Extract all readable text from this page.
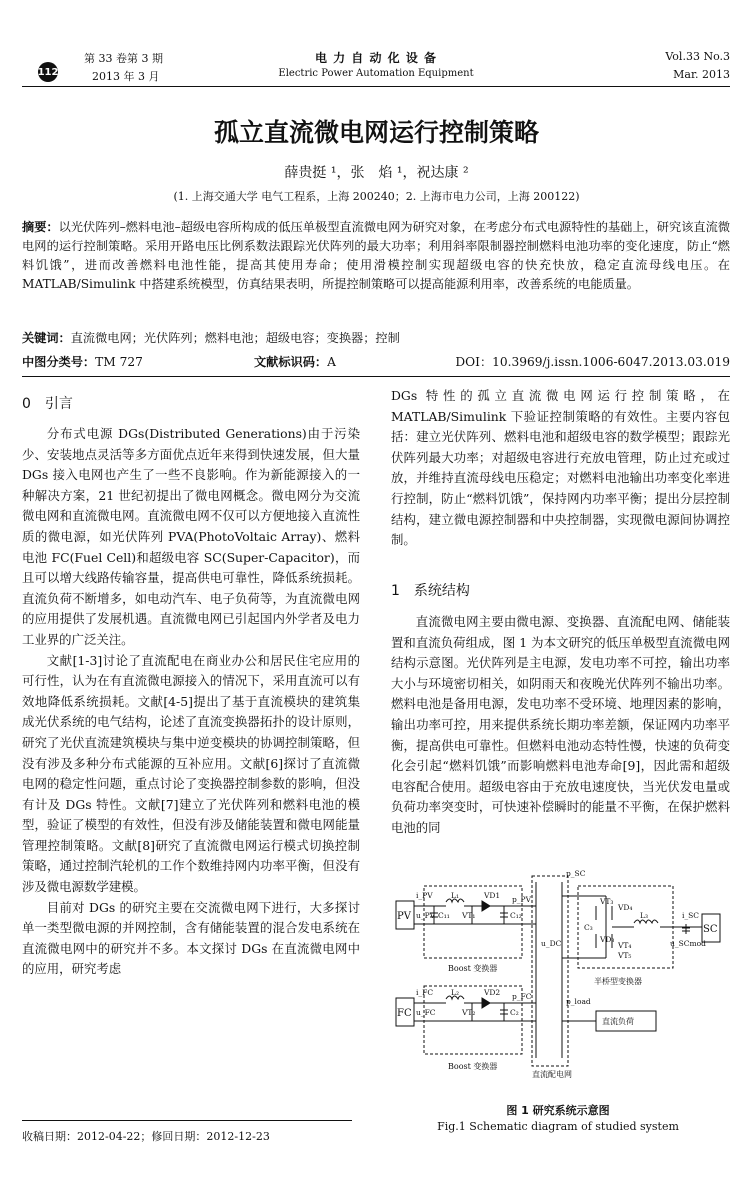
112
第 33 卷第 3 期
2013 年 3 月
电 力 自 动 化 设 备
Electric Power Automation Equipment
Vol.33 No.3
Mar. 2013
孤立直流微电网运行控制策略
薛贵挺 ¹，张　焰 ¹，祝达康 ²
(1. 上海交通大学 电气工程系，上海 200240；2. 上海市电力公司，上海 200122)
摘要：以光伏阵列–燃料电池–超级电容所构成的低压单极型直流微电网为研究对象，在考虑分布式电源特性的基础上，研究该直流微电网的运行控制策略。采用开路电压比例系数法跟踪光伏阵列的最大功率；利用斜率限制器控制燃料电池功率的变化速度，防止“燃料饥饿”，进而改善燃料电池性能，提高其使用寿命；使用滑模控制实现超级电容的快充快放，稳定直流母线电压。在 MATLAB/Simulink 中搭建系统模型，仿真结果表明，所提控制策略可以提高能源利用率，改善系统的电能质量。
关键词：直流微电网；光伏阵列；燃料电池；超级电容；变换器；控制
中图分类号：TM 727	文献标识码：A	DOI：10.3969/j.issn.1006-6047.2013.03.019
0　引言

分布式电源 DGs(Distributed Generations)由于污染少、安装地点灵活等多方面优点近年来得到快速发展，但大量 DGs 接入电网也产生了一些不良影响。作为新能源接入的一种解决方案，21 世纪初提出了微电网概念。微电网分为交流微电网和直流微电网。直流微电网不仅可以方便地接入直流性质的微电源，如光伏阵列 PVA(PhotoVoltaic Array)、燃料电池 FC(Fuel Cell)和超级电容 SC(Super-Capacitor)，而且可以增大线路传输容量，提高供电可靠性，降低系统损耗。直流负荷不断增多，如电动汽车、电子负荷等，为直流微电网的应用提供了发展机遇。直流微电网已引起国内外学者及电力工业界的广泛关注。

文献[1-3]讨论了直流配电在商业办公和居民住宅应用的可行性，认为在有直流微电源接入的情况下，采用直流可以有效地降低系统损耗。文献[4-5]提出了基于直流模块的建筑集成光伏系统的电气结构，论述了直流变换器拓扑的设计原则，研究了光伏直流建筑模块与集中逆变模块的协调控制策略，但没有涉及多种分布式能源的互补应用。文献[6]探讨了直流微电网的稳定性问题，重点讨论了变换器控制参数的影响，但没有计及 DGs 特性。文献[7]建立了光伏阵列和燃料电池的模型，验证了模型的有效性，但没有涉及储能装置和微电网能量管理控制策略。文献[8]研究了直流微电网运行模式切换控制策略，通过控制汽轮机的工作个数维持网内功率平衡，但没有涉及微电源数学建模。

目前对 DGs 的研究主要在交流微电网下进行，大多探讨单一类型微电源的并网控制，含有储能装置的混合发电系统在直流微电网中的研究并不多。本文探讨 DGs 在直流微电网中的应用，研究考虑

DGs 特性的孤立直流微电网运行控制策略，在 MATLAB/Simulink 下验证控制策略的有效性。主要内容包括：建立光伏阵列、燃料电池和超级电容的数学模型；跟踪光伏阵列最大功率；对超级电容进行充放电管理，防止过充或过放，并维持直流母线电压稳定；对燃料电池输出功率变化率进行控制，防止“燃料饥饿”，保持网内功率平衡；提出分层控制结构，建立微电源控制器和中央控制器，实现微电源间协调控制。

1　系统结构

直流微电网主要由微电源、变换器、直流配电网、储能装置和直流负荷组成，图 1 为本文研究的低压单极型直流微电网结构示意图。光伏阵列是主电源，发电功率不可控，输出功率大小与环境密切相关，如阴雨天和夜晚光伏阵列不输出功率。燃料电池是备用电源，发电功率不受环境、地理因素的影响，输出功率可控，用来提供系统长期功率差额，保证网内功率平衡，提高供电可靠性。但燃料电池动态特性慢，快速的负荷变化会引起“燃料饥饿”而影响燃料电池寿命[9]，因此需和超级电容配合使用。超级电容由于充放电速度快，当光伏发电量或负荷功率突变时，可快速补偿瞬时的能量不平衡，在保护燃料电池的同

PV
FC
Boost 变换器
Boost 变换器
直流配电网
半桥型变换器
SC
直流负荷
L₁
L₂
L₃
VD1
VD2
VT₁
VT₂
C₁₁	C₁₂
C₂
C₃
VT₃
VD₄
VD₃
VT₄
VT₅
i_PV
u_PV
p_PV
i_FC
u_FC
p_FC
p_SC
u_DC
p_load
i_SC
u_SCmod
图 1 研究系统示意图
Fig.1 Schematic diagram of studied system
收稿日期：2012-04-22；修回日期：2012-12-23
